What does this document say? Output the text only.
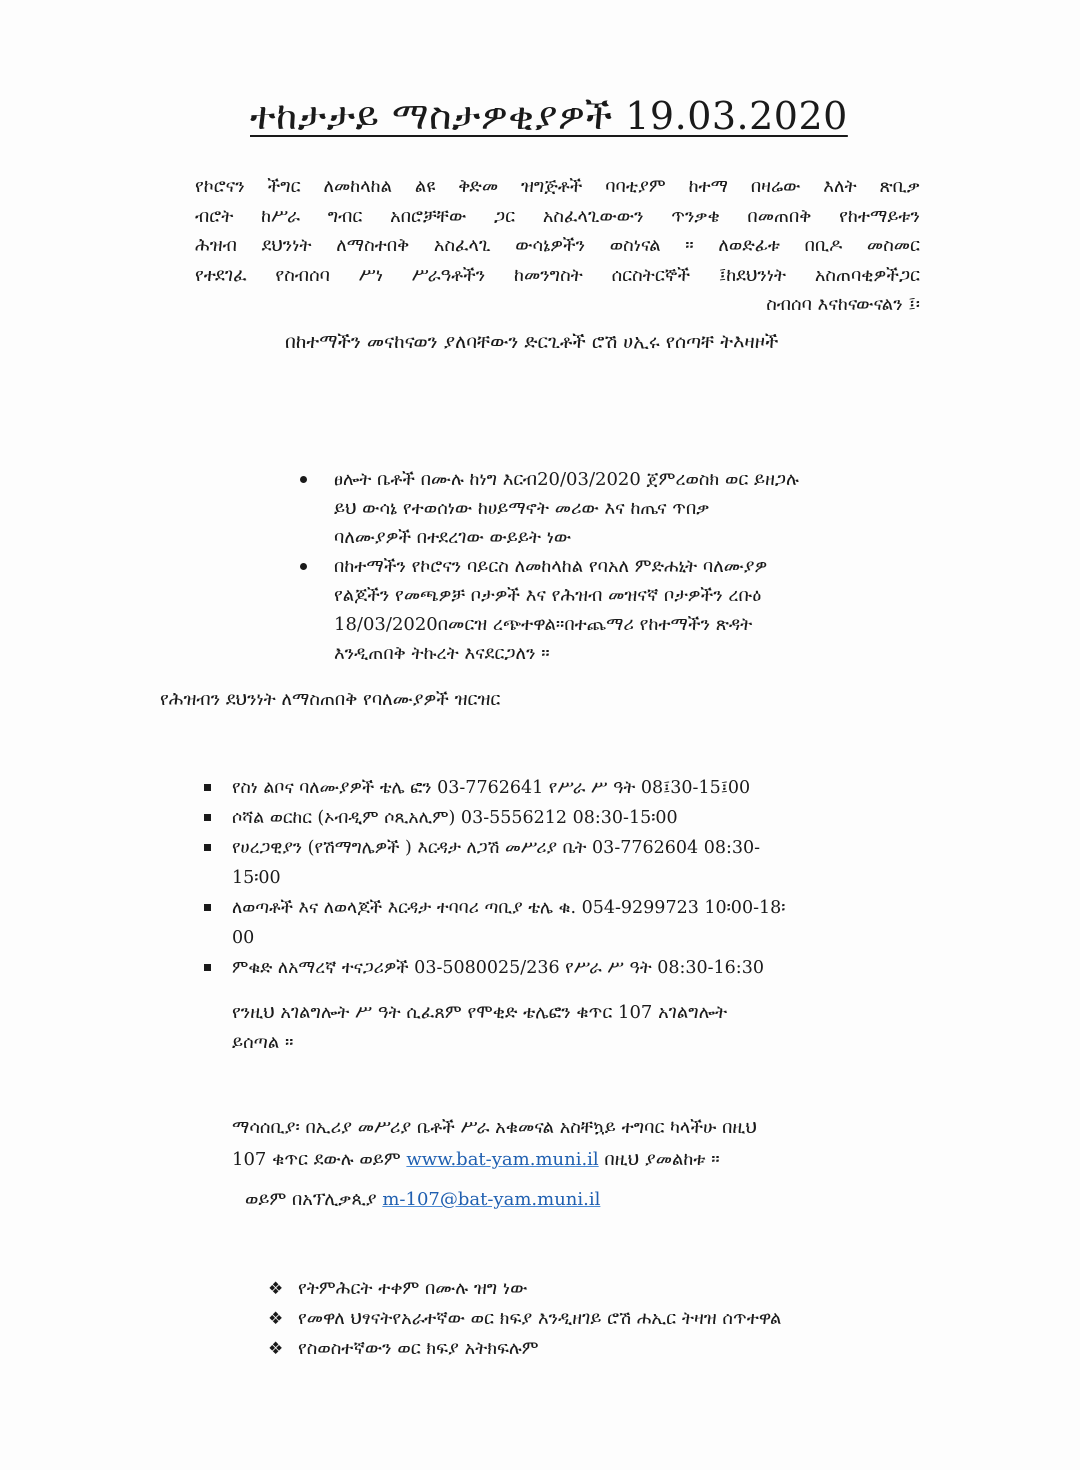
ተከታታይ ማስታዎቂያዎች 19.03.2020
የኮሮናን ችግር ለመከላከል ልዩ ቅድመ ዝግጅቶች ባባቲያም ከተማ በዛሬው እለት ጽቢቃ
ብሮት ከሥራ ግብር አበሮቻቸው ጋር አስፈላጊውውን ጥንቃቄ በመጠበቅ የከተማይቱን
ሕዝብ ደህንነት ለማስተበቅ አስፈላጊ ውሳኔዎችን ወስነናል ። ለወድፊቱ በቢዶ መስመር
የተደገፈ የስብሰባ ሥነ ሥራዓቶችን ከመንግስት ሰርስትርኞች ፤ከደህንነት አስጠባቂዎችጋር
ስብሰባ እናከናውናልን ፤፡
በከተማችን መናከናወን ያለባቸውን ድርጊቶች ሮሽ ሀኢሩ የሰጣቸ ትእዛዞች
ፀሎት ቤቶች በሙሉ ከነግ እርብ20/03/2020 ጀምረወስክ ወር ይዘጋሉ
ይህ ውሳኔ የተወሰነው ከሀይማኖት መሪው እና ከጤና ጥበቃ
ባለሙያዎች በተደረገው ውይይት ነው
በከተማችን የኮሮናን ባይርስ ለመከላከል የባአለ ምድሐኒት ባለሙያዎ
የልጆችን የመጫዎቻ ቦታዎች እና የሕዝብ መዝናኛ ቦታዎችን ረቡዕ
18/03/2020በመርዝ ረጭተዋል።በተጨማሪ የከተማችን ጽዳት
እንዲጠበቅ ትኩረት እናደርጋለን ።
የሕዝብን ደህንነት ለማስጠበቅ የባለሙያዎች ዝርዝር
የስነ ልቦና ባለሙያዎች ቴሌ ፎን 03-7762641 የሥራ ሥ ዓት 08፤30-15፤00
ሶሻል ወርከር (ኦብዲም ሶጺአሊም) 03-5556212 08:30-15፡00
የሀረጋዊያን (የሽማግሌዎች ) እርዳታ ለጋሽ መሥሪያ ቤት 03-7762604 08:30-
15፡00
ለወጣቶች እና ለወላጆች እርዳታ ተባባሪ ጣቢያ ቴሌ ቁ. 054-9299723 10፡00-18፡
00
ምቁድ ለአማረኛ ተናጋሪዎች 03-5080025/236 የሥራ ሥ ዓት 08:30-16:30
የንዚህ አገልግሎት ሥ ዓት ሲፈጸም የሞቂድ ቴሌፎን ቁጥር 107 አገልግሎት
ይሰጣል ።
ማሳሰቢያ፡ በኢሪያ መሥሪያ ቤቶች ሥራ አቁመናል አስቸኳይ ተግባር ካላችሁ በዚህ
107 ቁጥር ደውሉ ወይም www.bat-yam.muni.il በዚህ ያመልከቱ ።
ወይም በአፕሊቃጲያ m-107@bat-yam.muni.il
❖ የትምሕርት ተቀም በሙሉ ዝግ ነው
❖ የመዋለ ህፃናትየአራተኛው ወር ክፍያ እንዲዘገይ ሮሽ ሐኢር ትዛዝ ሰጥተዋል
❖ የስወስተኛውን ወር ክፍያ አትክፍሉም
